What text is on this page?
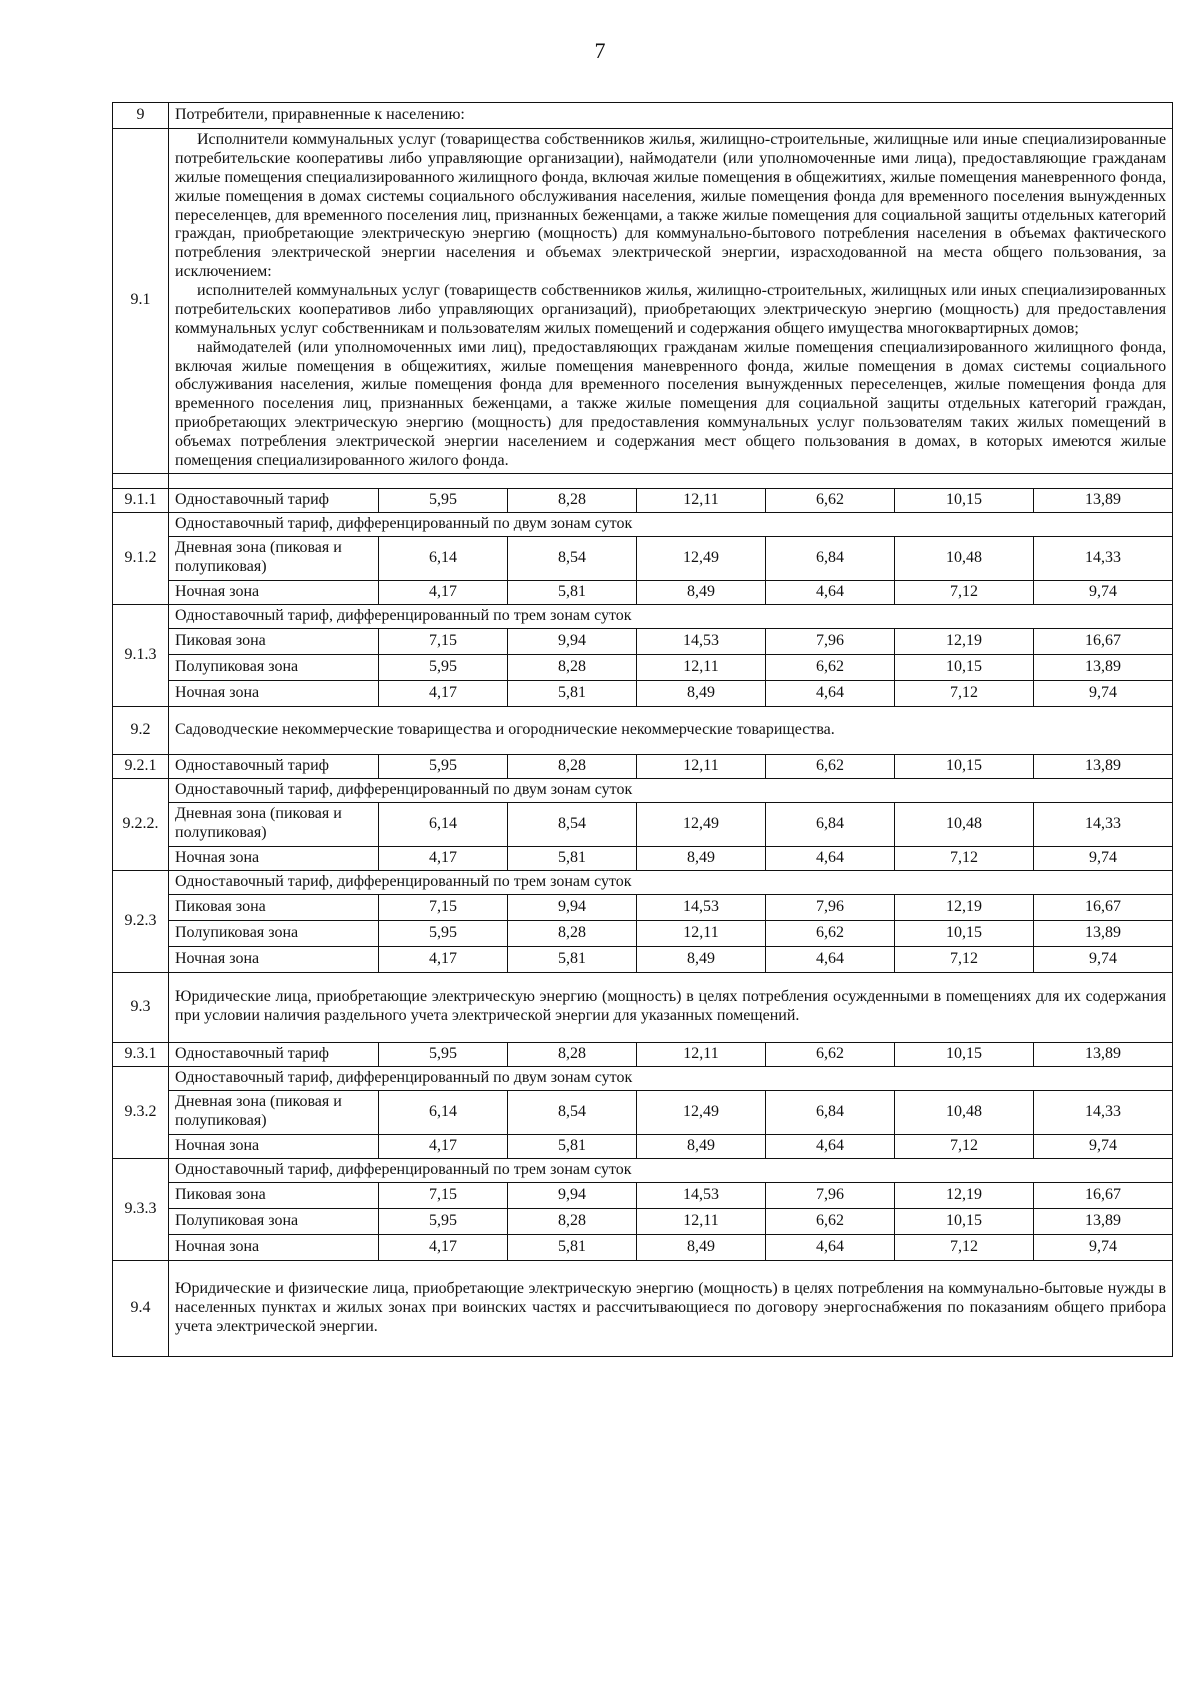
7
9	Потребители, приравненные к населению:						
9.1	Исполнители коммунальных услуг (товарищества собственников жилья, жилищно-строительные, жилищные или иные специализированные потребительские кооперативы либо управляющие организации), наймодатели (или уполномоченные ими лица), предоставляющие гражданам жилые помещения специализированного жилищного фонда, включая жилые помещения в общежитиях, жилые помещения маневренного фонда, жилые помещения в домах системы социального обслуживания населения, жилые помещения фонда для временного поселения вынужденных переселенцев, для временного поселения лиц, признанных беженцами, а также жилые помещения для социальной защиты отдельных категорий граждан, приобретающие электрическую энергию (мощность) для коммунально-бытового потребления населения в объемах фактического потребления электрической энергии населения и объемах электрической энергии, израсходованной на места общего пользования, за исключением:

исполнителей коммунальных услуг (товариществ собственников жилья, жилищно-строительных, жилищных или иных специализированных потребительских кооперативов либо управляющих организаций), приобретающих электрическую энергию (мощность) для предоставления коммунальных услуг собственникам и пользователям жилых помещений и содержания общего имущества многоквартирных домов;

наймодателей (или уполномоченных ими лиц), предоставляющих гражданам жилые помещения специализированного жилищного фонда, включая жилые помещения в общежитиях, жилые помещения маневренного фонда, жилые помещения в домах системы социального обслуживания населения, жилые помещения фонда для временного поселения вынужденных переселенцев, жилые помещения фонда для временного поселения лиц, признанных беженцами, а также жилые помещения для социальной защиты отдельных категорий граждан, приобретающих электрическую энергию (мощность) для предоставления коммунальных услуг пользователям таких жилых помещений в объемах потребления электрической энергии населением и содержания мест общего пользования в домах, в которых имеются жилые помещения специализированного жилого фонда.						

9.1.1	Одноставочный тариф	5,95	8,28	12,11	6,62	10,15	13,89
9.1.2	Одноставочный тариф, дифференцированный по двум зонам суток						
	Дневная зона (пиковая и полупиковая)	6,14	8,54	12,49	6,84	10,48	14,33
	Ночная зона	4,17	5,81	8,49	4,64	7,12	9,74
9.1.3	Одноставочный тариф, дифференцированный по трем зонам суток						
	Пиковая зона	7,15	9,94	14,53	7,96	12,19	16,67
	Полупиковая зона	5,95	8,28	12,11	6,62	10,15	13,89
	Ночная зона	4,17	5,81	8,49	4,64	7,12	9,74
9.2	Садоводческие некоммерческие товарищества и огороднические некоммерческие товарищества.						
9.2.1	Одноставочный тариф	5,95	8,28	12,11	6,62	10,15	13,89
9.2.2.	Одноставочный тариф, дифференцированный по двум зонам суток						
	Дневная зона (пиковая и полупиковая)	6,14	8,54	12,49	6,84	10,48	14,33
	Ночная зона	4,17	5,81	8,49	4,64	7,12	9,74
9.2.3	Одноставочный тариф, дифференцированный по трем зонам суток						
	Пиковая зона	7,15	9,94	14,53	7,96	12,19	16,67
	Полупиковая зона	5,95	8,28	12,11	6,62	10,15	13,89
	Ночная зона	4,17	5,81	8,49	4,64	7,12	9,74
9.3	Юридические лица, приобретающие электрическую энергию (мощность) в целях потребления осужденными в помещениях для их содержания при условии наличия раздельного учета электрической энергии для указанных помещений.						
9.3.1	Одноставочный тариф	5,95	8,28	12,11	6,62	10,15	13,89
9.3.2	Одноставочный тариф, дифференцированный по двум зонам суток						
	Дневная зона (пиковая и полупиковая)	6,14	8,54	12,49	6,84	10,48	14,33
	Ночная зона	4,17	5,81	8,49	4,64	7,12	9,74
9.3.3	Одноставочный тариф, дифференцированный по трем зонам суток						
	Пиковая зона	7,15	9,94	14,53	7,96	12,19	16,67
	Полупиковая зона	5,95	8,28	12,11	6,62	10,15	13,89
	Ночная зона	4,17	5,81	8,49	4,64	7,12	9,74
9.4	Юридические и физические лица, приобретающие электрическую энергию (мощность) в целях потребления на коммунально-бытовые нужды в населенных пунктах и жилых зонах при воинских частях и рассчитывающиеся по договору энергоснабжения по показаниям общего прибора учета электрической энергии.						
